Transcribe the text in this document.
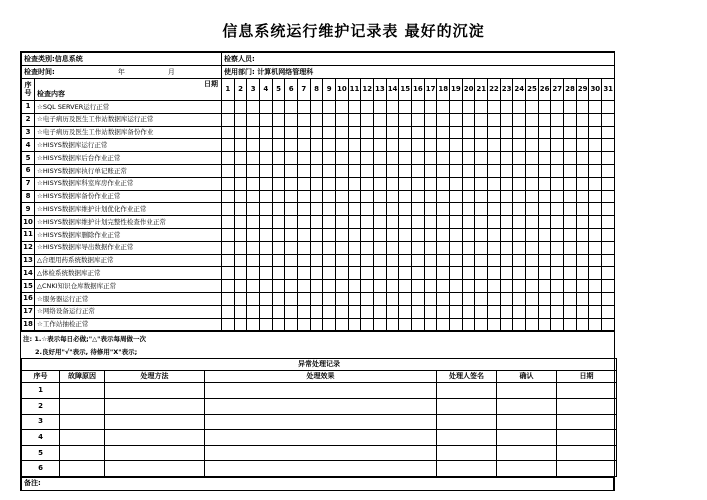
信息系统运行维护记录表 最好的沉淀
检查类别:信息系统		检察人员:																														
检查时间: 年 月		使用部门: 计算机网络管理科																														
序号	日期
检查内容	1	2	3	4	5	6	7	8	9	10	11	12	13	14	15	16	17	18	19	20	21	22	23	24	25	26	27	28	29	30	31
1	☆SQL SERVER运行正常																															
2	☆电子病历及医生工作站数据库运行正常																															
3	☆电子病历及医生工作站数据库备份作业																															
4	☆HISYS数据库运行正常																															
5	☆HISYS数据库后台作业正常																															
6	☆HISYS数据库执行单记账正常																															
7	☆HISYS数据库科室库房作业正常																															
8	☆HISYS数据库备份作业正常																															
9	☆HISYS数据库维护计划优化作业正常																															
10	☆HISYS数据库维护计划完整性检查作业正常																															
11	☆HISYS数据库删除作业正常																															
12	☆HISYS数据库导出数据作业正常																															
13	△合理用药系统数据库正常																															
14	△体检系统数据库正常																															
15	△CNKI知识仓库数据库正常																															
16	☆服务器运行正常																															
17	☆网络设备运行正常																															
18	☆工作站抽检正常																															
注: 1.☆表示每日必做;"△"表示每周做一次
2.良好用"√"表示, 待修用"X"表示;
异常处理记录						
序号	故障原因	处理方法	处理效果	处理人签名	确认	日期
1						
2						
3						
4						
5						
6						
备注:
